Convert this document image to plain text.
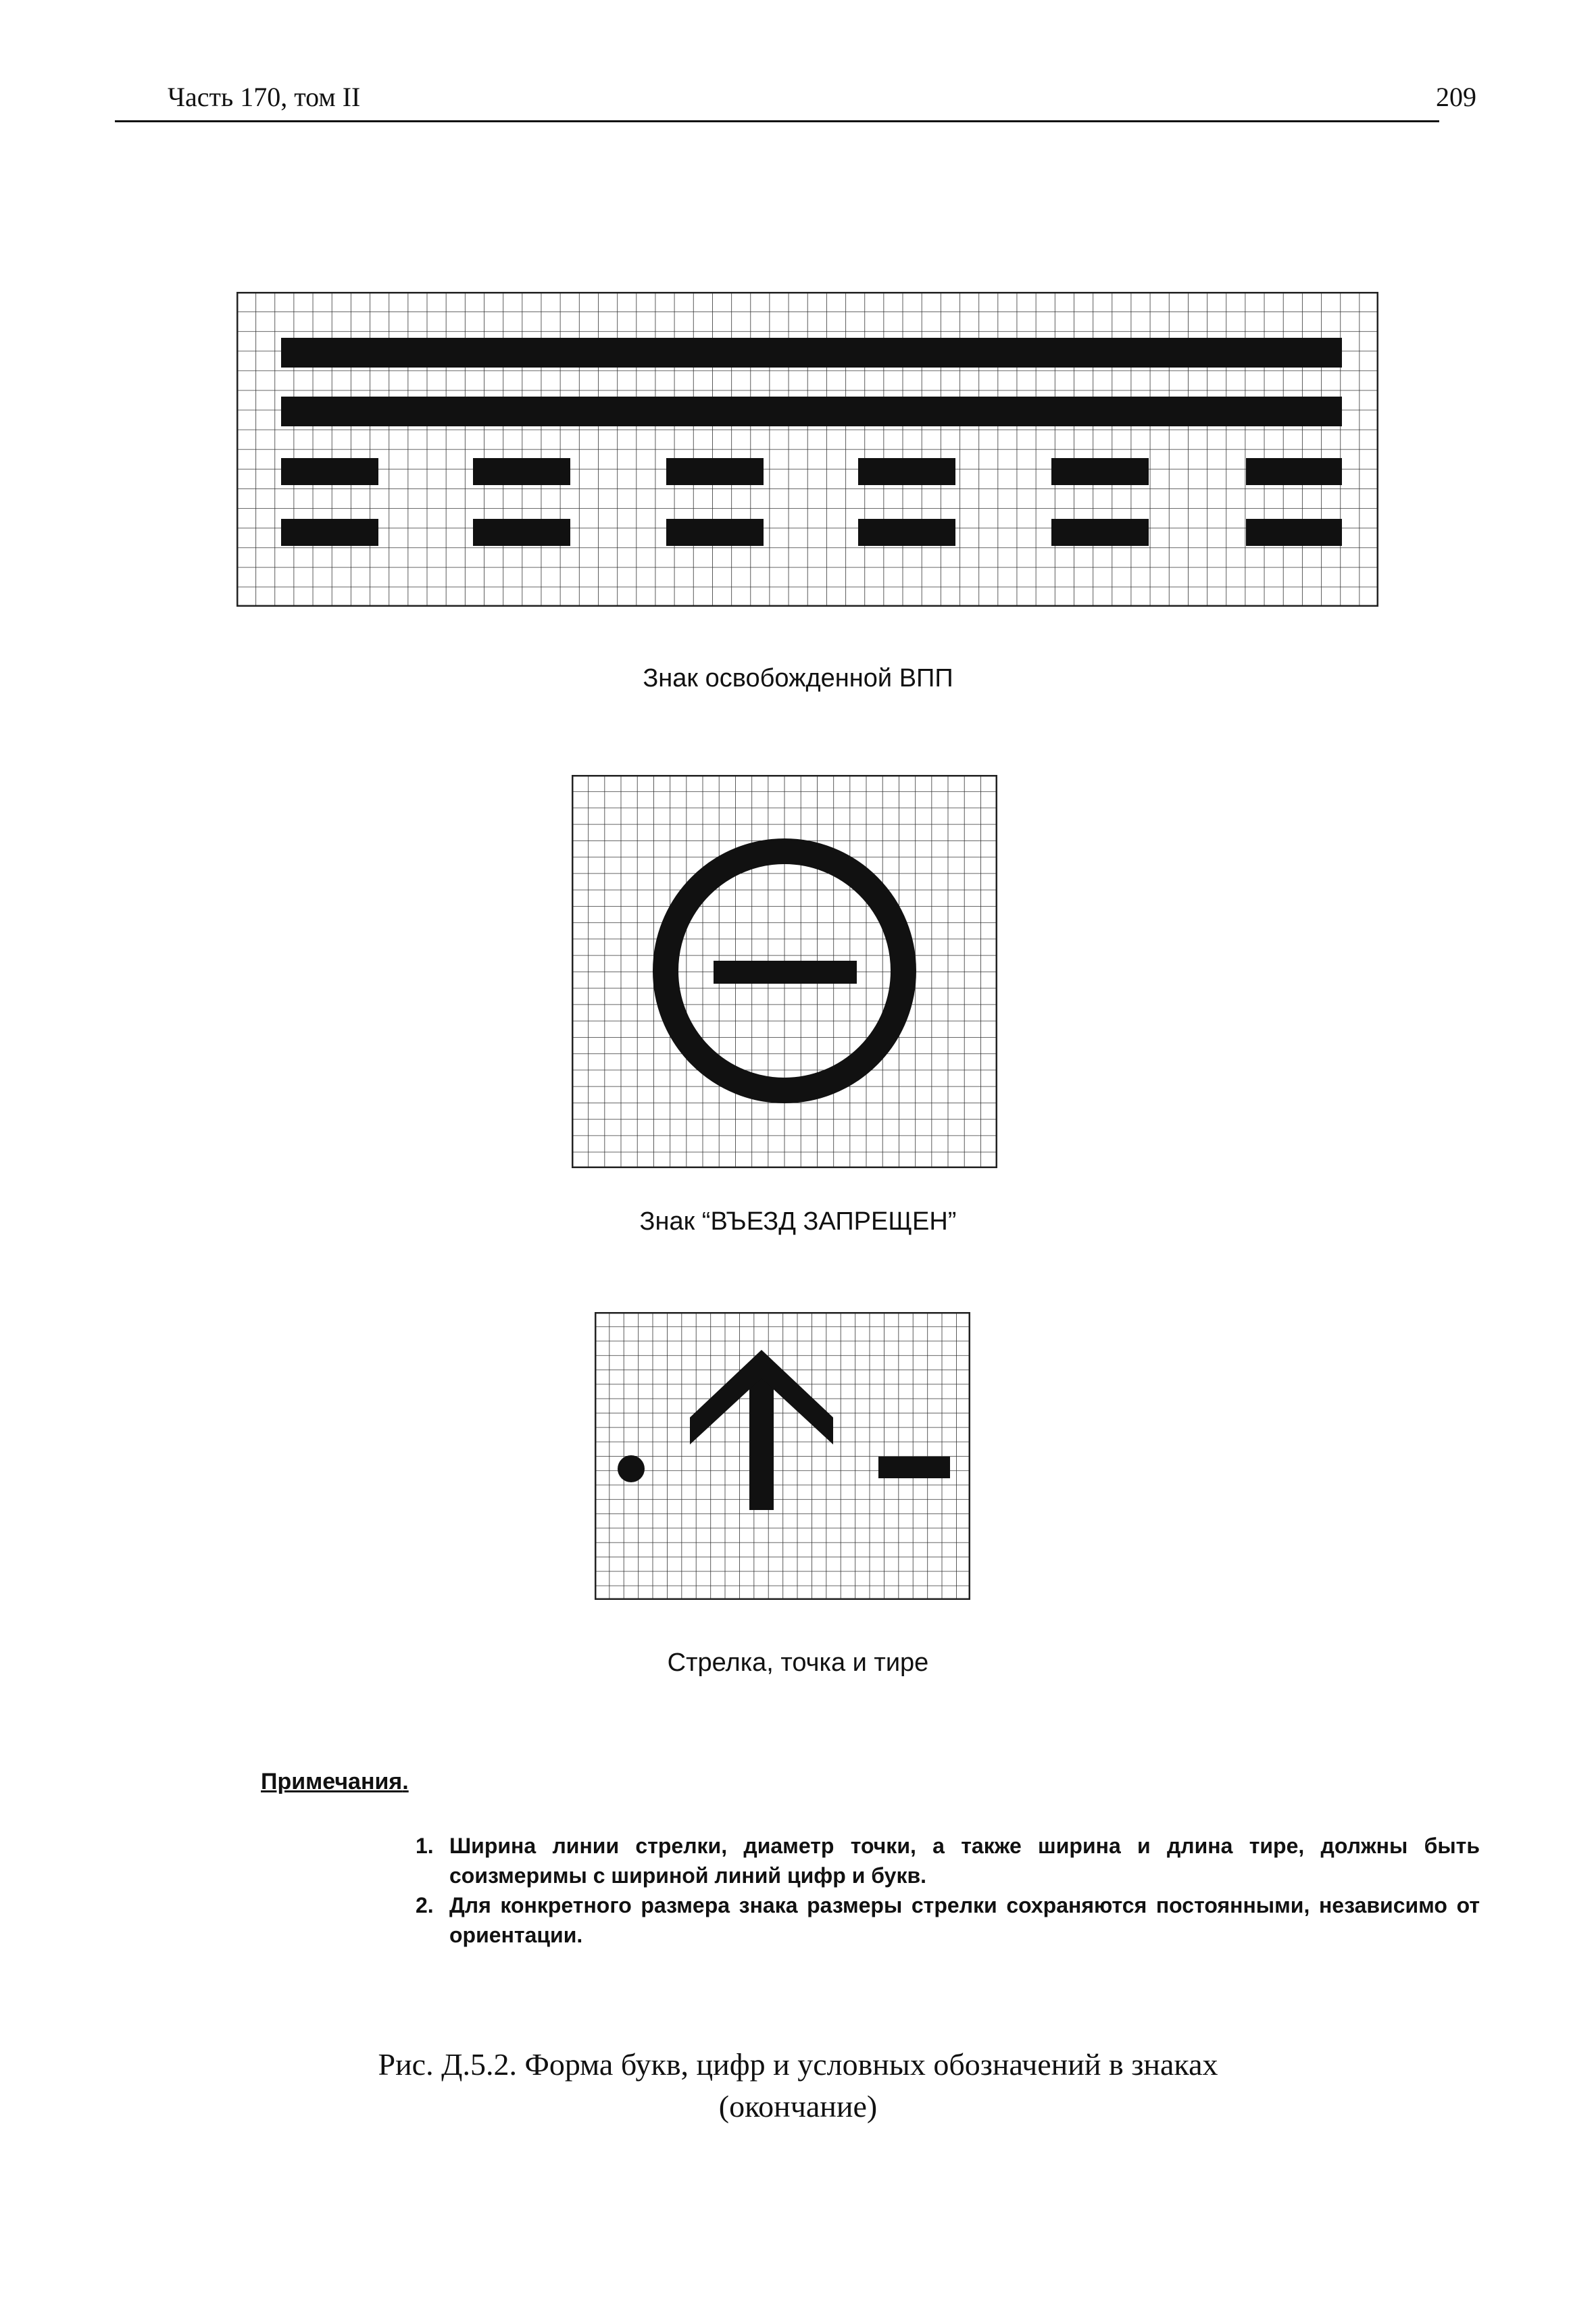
Часть 170, том II	209
Знак освобожденной ВПП
Знак “ВЪЕЗД ЗАПРЕЩЕН”
Стрелка, точка и тире
Примечания.
1. Ширина линии стрелки, диаметр точки, а также ширина и длина тире, должны быть соизмеримы с шириной линий цифр и букв.
2. Для конкретного размера знака размеры стрелки сохраняются постоянными, независимо от ориентации.
Рис. Д.5.2. Форма букв, цифр и условных обозначений в знаках
(окончание)
